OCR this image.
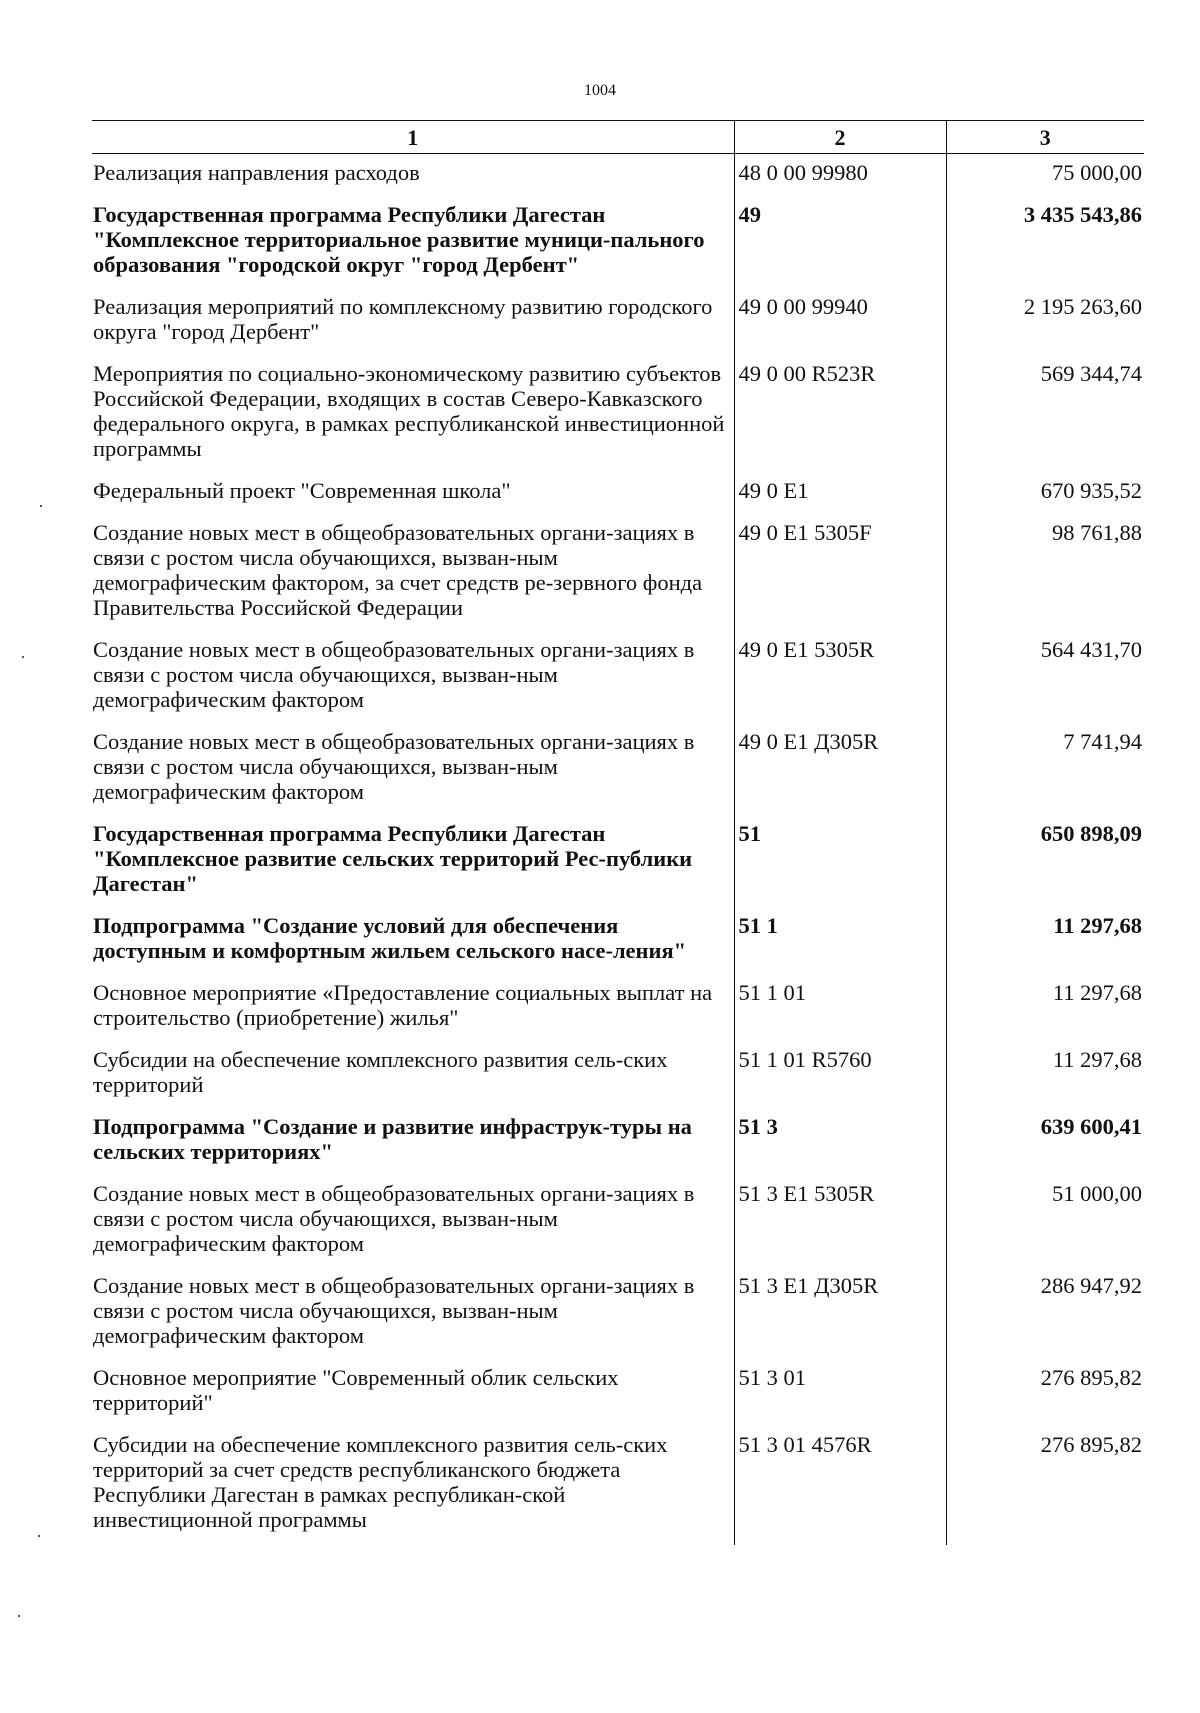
1004
1	2	3
Реализация направления расходов	48 0 00 99980	75 000,00
Государственная программа Республики Дагестан "Комплексное территориальное развитие муници-пального образования "городской округ "город Дербент"	49	3 435 543,86
Реализация мероприятий по комплексному развитию городского округа "город Дербент"	49 0 00 99940	2 195 263,60
Мероприятия по социально-экономическому развитию субъектов Российской Федерации, входящих в состав Северо-Кавказского федерального округа, в рамках республиканской инвестиционной программы	49 0 00 R523R	569 344,74
Федеральный проект "Современная школа"	49 0 E1	670 935,52
Создание новых мест в общеобразовательных органи-зациях в связи с ростом числа обучающихся, вызван-ным демографическим фактором, за счет средств ре-зервного фонда Правительства Российской Федерации	49 0 E1 5305F	98 761,88
Создание новых мест в общеобразовательных органи-зациях в связи с ростом числа обучающихся, вызван-ным демографическим фактором	49 0 E1 5305R	564 431,70
Создание новых мест в общеобразовательных органи-зациях в связи с ростом числа обучающихся, вызван-ным демографическим фактором	49 0 E1 Д305R	7 741,94
Государственная программа Республики Дагестан "Комплексное развитие сельских территорий Рес-публики Дагестан"	51	650 898,09
Подпрограмма "Создание условий для обеспечения доступным и комфортным жильем сельского насе-ления"	51 1	11 297,68
Основное мероприятие «Предоставление социальных выплат на строительство (приобретение) жилья"	51 1 01	11 297,68
Субсидии на обеспечение комплексного развития сель-ских территорий	51 1 01 R5760	11 297,68
Подпрограмма "Создание и развитие инфраструк-туры на сельских территориях"	51 3	639 600,41
Создание новых мест в общеобразовательных органи-зациях в связи с ростом числа обучающихся, вызван-ным демографическим фактором	51 3 E1 5305R	51 000,00
Создание новых мест в общеобразовательных органи-зациях в связи с ростом числа обучающихся, вызван-ным демографическим фактором	51 3 E1 Д305R	286 947,92
Основное мероприятие "Современный облик сельских территорий"	51 3 01	276 895,82
Субсидии на обеспечение комплексного развития сель-ских территорий за счет средств республиканского бюджета Республики Дагестан в рамках республикан-ской инвестиционной программы	51 3 01 4576R	276 895,82
